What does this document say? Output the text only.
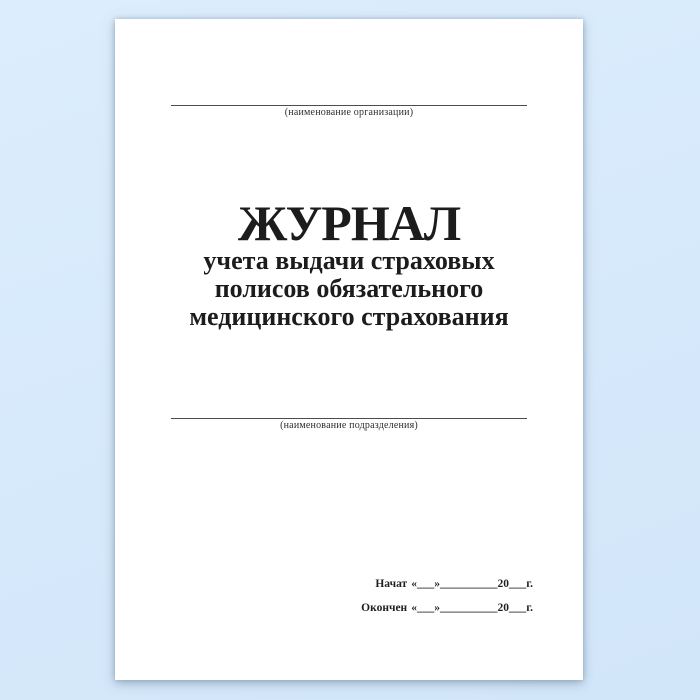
(наименование организации)
ЖУРНАЛ
учета выдачи страховых
полисов обязательного
медицинского страхования
(наименование подразделения)
Начат «___»__________20___г.
Окончен «___»__________20___г.
